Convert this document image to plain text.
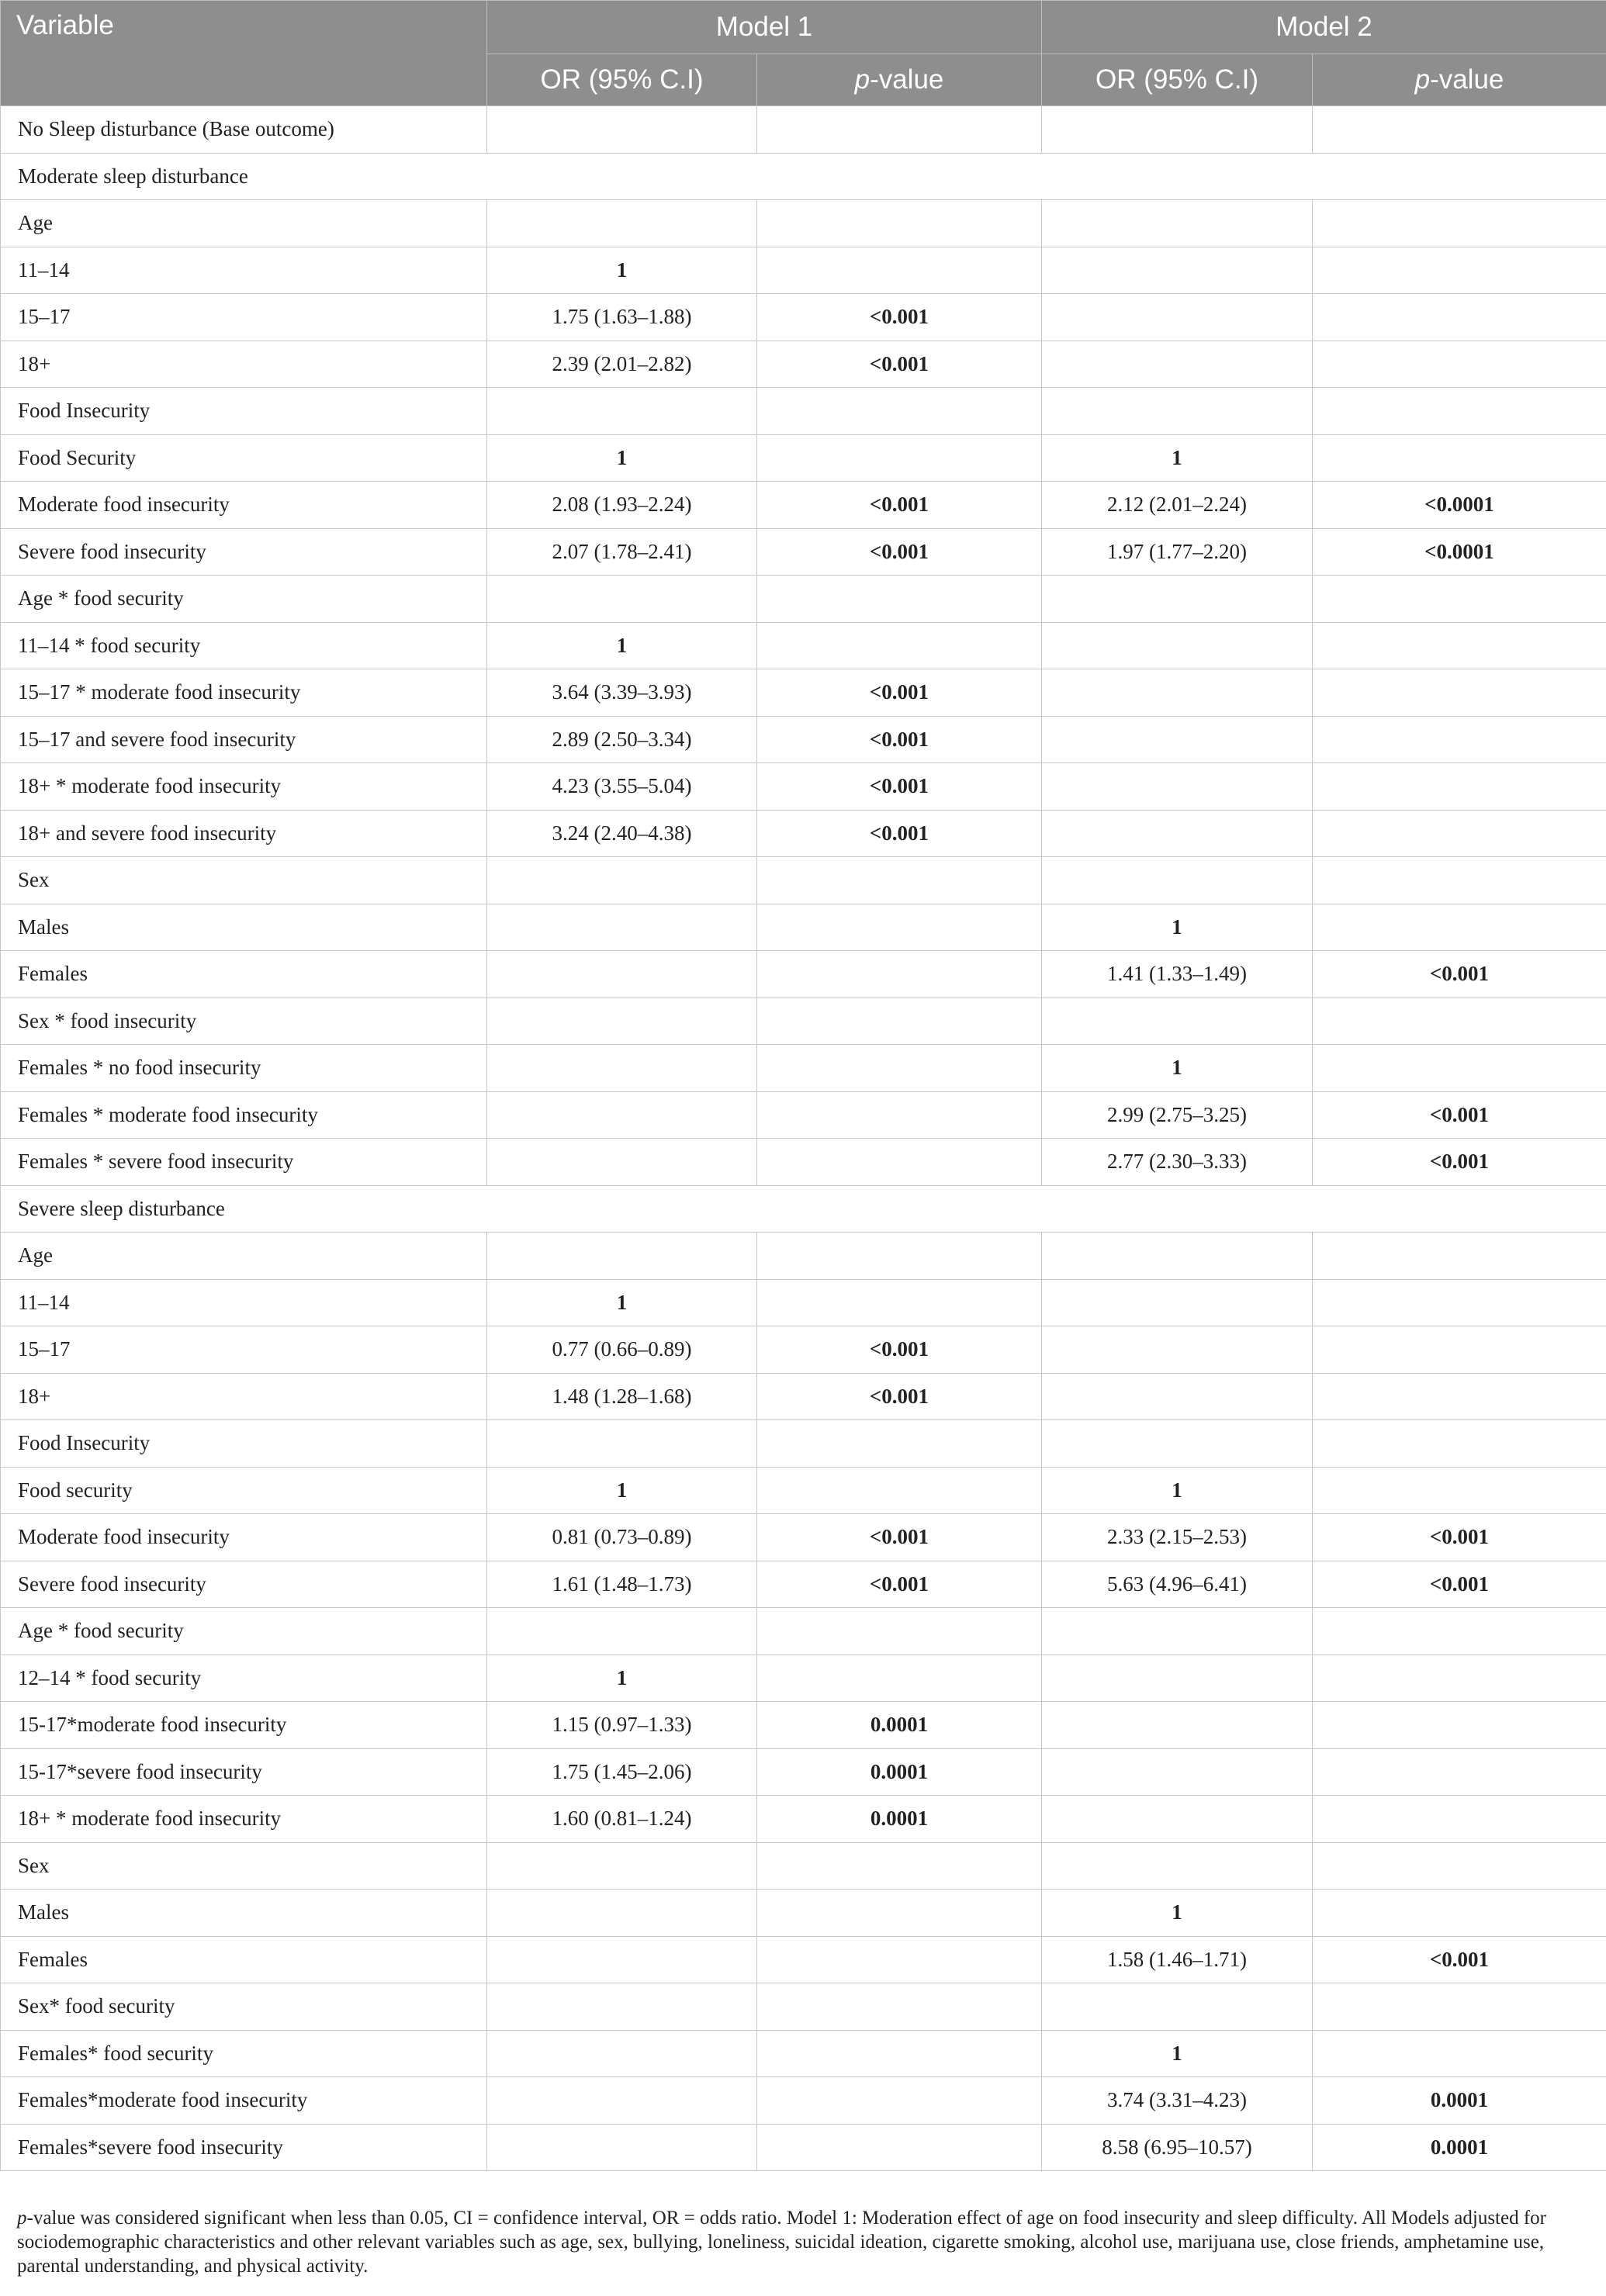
Variable	Model 1		Model 2	
	OR (95% C.I)	p-value	OR (95% C.I)	p-value
No Sleep disturbance (Base outcome)				
Moderate sleep disturbance				
Age				
11–14	1			
15–17	1.75 (1.63–1.88)	<0.001		
18+	2.39 (2.01–2.82)	<0.001		
Food Insecurity				
Food Security	1		1	
Moderate food insecurity	2.08 (1.93–2.24)	<0.001	2.12 (2.01–2.24)	<0.0001
Severe food insecurity	2.07 (1.78–2.41)	<0.001	1.97 (1.77–2.20)	<0.0001
Age * food security				
11–14 * food security	1			
15–17 * moderate food insecurity	3.64 (3.39–3.93)	<0.001		
15–17 and severe food insecurity	2.89 (2.50–3.34)	<0.001		
18+ * moderate food insecurity	4.23 (3.55–5.04)	<0.001		
18+ and severe food insecurity	3.24 (2.40–4.38)	<0.001		
Sex				
Males			1	
Females			1.41 (1.33–1.49)	<0.001
Sex * food insecurity				
Females * no food insecurity			1	
Females * moderate food insecurity			2.99 (2.75–3.25)	<0.001
Females * severe food insecurity			2.77 (2.30–3.33)	<0.001
Severe sleep disturbance				
Age				
11–14	1			
15–17	0.77 (0.66–0.89)	<0.001		
18+	1.48 (1.28–1.68)	<0.001		
Food Insecurity				
Food security	1		1	
Moderate food insecurity	0.81 (0.73–0.89)	<0.001	2.33 (2.15–2.53)	<0.001
Severe food insecurity	1.61 (1.48–1.73)	<0.001	5.63 (4.96–6.41)	<0.001
Age * food security				
12–14 * food security	1			
15-17*moderate food insecurity	1.15 (0.97–1.33)	0.0001		
15-17*severe food insecurity	1.75 (1.45–2.06)	0.0001		
18+ * moderate food insecurity	1.60 (0.81–1.24)	0.0001		
Sex				
Males			1	
Females			1.58 (1.46–1.71)	<0.001
Sex* food security				
Females* food security			1	
Females*moderate food insecurity			3.74 (3.31–4.23)	0.0001
Females*severe food insecurity			8.58 (6.95–10.57)	0.0001

p-value was considered significant when less than 0.05, CI = confidence interval, OR = odds ratio. Model 1: Moderation effect of age on food insecurity and sleep difficulty. All Models adjusted for sociodemographic characteristics and other relevant variables such as age, sex, bullying, loneliness, suicidal ideation, cigarette smoking, alcohol use, marijuana use, close friends, amphetamine use, parental understanding, and physical activity.
